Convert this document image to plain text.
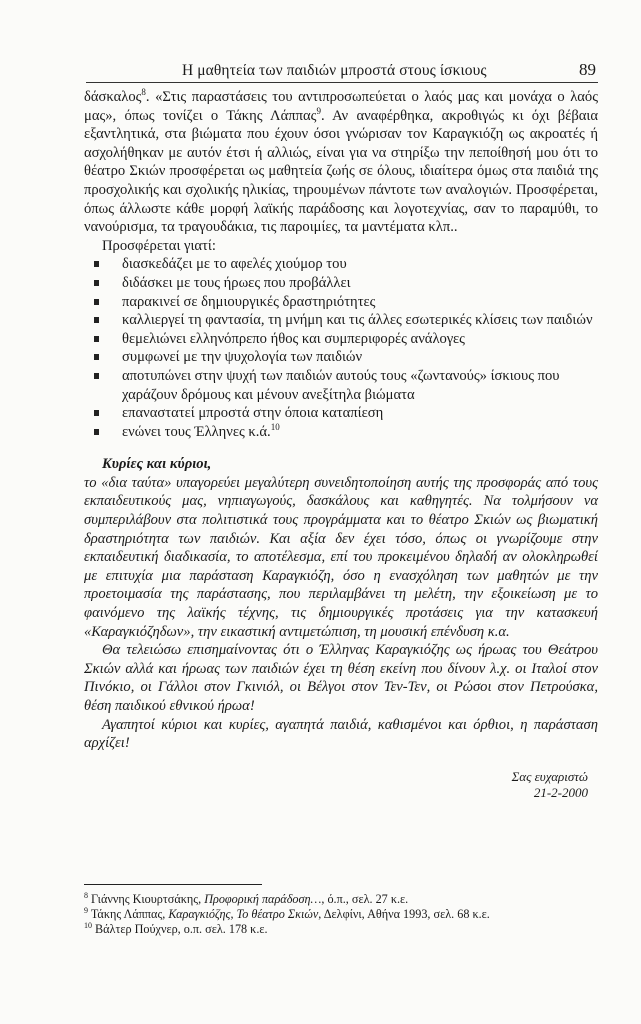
Η μαθητεία των παιδιών μπροστά στους ίσκιους	89

δάσκαλος$^8$. «Στις παραστάσεις του αντιπροσωπεύεται ο λαός μας και μονάχα ο λαός μας», όπως τονίζει ο Τάκης Λάππας$^9$. Αν αναφέρθηκα, ακροθιγώς κι όχι βέβαια εξαντλητικά, στα βιώματα που έχουν όσοι γνώρισαν τον Καραγκιόζη ως ακροατές ή ασχολήθηκαν με αυτόν έτσι ή αλλιώς, είναι για να στηρίξω την πεποίθησή μου ότι το θέατρο Σκιών προσφέρεται ως μαθητεία ζωής σε όλους, ιδιαίτερα όμως στα παιδιά της προσχολικής και σχολικής ηλικίας, τηρουμένων πάντοτε των αναλογιών. Προσφέρεται, όπως άλλωστε κάθε μορφή λαϊκής παράδοσης και λογοτεχνίας, σαν το παραμύθι, το νανούρισμα, τα τραγουδάκια, τις παροιμίες, τα μαντέματα κλπ..

Προσφέρεται γιατί:

διασκεδάζει με το αφελές χιούμορ του
διδάσκει με τους ήρωες που προβάλλει
παρακινεί σε δημιουργικές δραστηριότητες
καλλιεργεί τη φαντασία, τη μνήμη και τις άλλες εσωτερικές κλίσεις των παιδιών
θεμελιώνει ελληνόπρεπο ήθος και συμπεριφορές ανάλογες
συμφωνεί με την ψυχολογία των παιδιών
αποτυπώνει στην ψυχή των παιδιών αυτούς τους «ζωντανούς» ίσκιους που χαράζουν δρόμους και μένουν ανεξίτηλα βιώματα
επαναστατεί μπροστά στην όποια καταπίεση
ενώνει τους Έλληνες κ.ά.$^{10}$

Κυρίες και κύριοι,

το «δια ταύτα» υπαγορεύει μεγαλύτερη συνειδητοποίηση αυτής της προσφοράς από τους εκπαιδευτικούς μας, νηπιαγωγούς, δασκάλους και καθηγητές. Να τολμήσουν να συμπεριλάβουν στα πολιτιστικά τους προγράμματα και το θέατρο Σκιών ως βιωματική δραστηριότητα των παιδιών. Και αξία δεν έχει τόσο, όπως οι γνωρίζουμε στην εκπαιδευτική διαδικασία, το αποτέλεσμα, επί του προκειμένου δηλαδή αν ολοκληρωθεί με επιτυχία μια παράσταση Καραγκιόζη, όσο η ενασχόληση των μαθητών με την προετοιμασία της παράστασης, που περιλαμβάνει τη μελέτη, την εξοικείωση με το φαινόμενο της λαϊκής τέχνης, τις δημιουργικές προτάσεις για την κατασκευή «Καραγκιόζηδων», την εικαστική αντιμετώπιση, τη μουσική επένδυση κ.α.

Θα τελειώσω επισημαίνοντας ότι ο Έλληνας Καραγκιόζης ως ήρωας του Θεάτρου Σκιών αλλά και ήρωας των παιδιών έχει τη θέση εκείνη που δίνουν λ.χ. οι Ιταλοί στον Πινόκιο, οι Γάλλοι στον Γκινιόλ, οι Βέλγοι στον Τεν-Τεν, οι Ρώσοι στον Πετρούσκα, θέση παιδικού εθνικού ήρωα!

Αγαπητοί κύριοι και κυρίες, αγαπητά παιδιά, καθισμένοι και όρθιοι, η παράσταση αρχίζει!

Σας ευχαριστώ
21-2-2000
$^8$ Γιάννης Κιουρτσάκης, Προφορική παράδοση…, ό.π., σελ. 27 κ.ε.
$^9$ Τάκης Λάππας, Καραγκιόζης, Το θέατρο Σκιών, Δελφίνι, Αθήνα 1993, σελ. 68 κ.ε.
$^{10}$ Βάλτερ Πούχνερ, ο.π. σελ. 178 κ.ε.
